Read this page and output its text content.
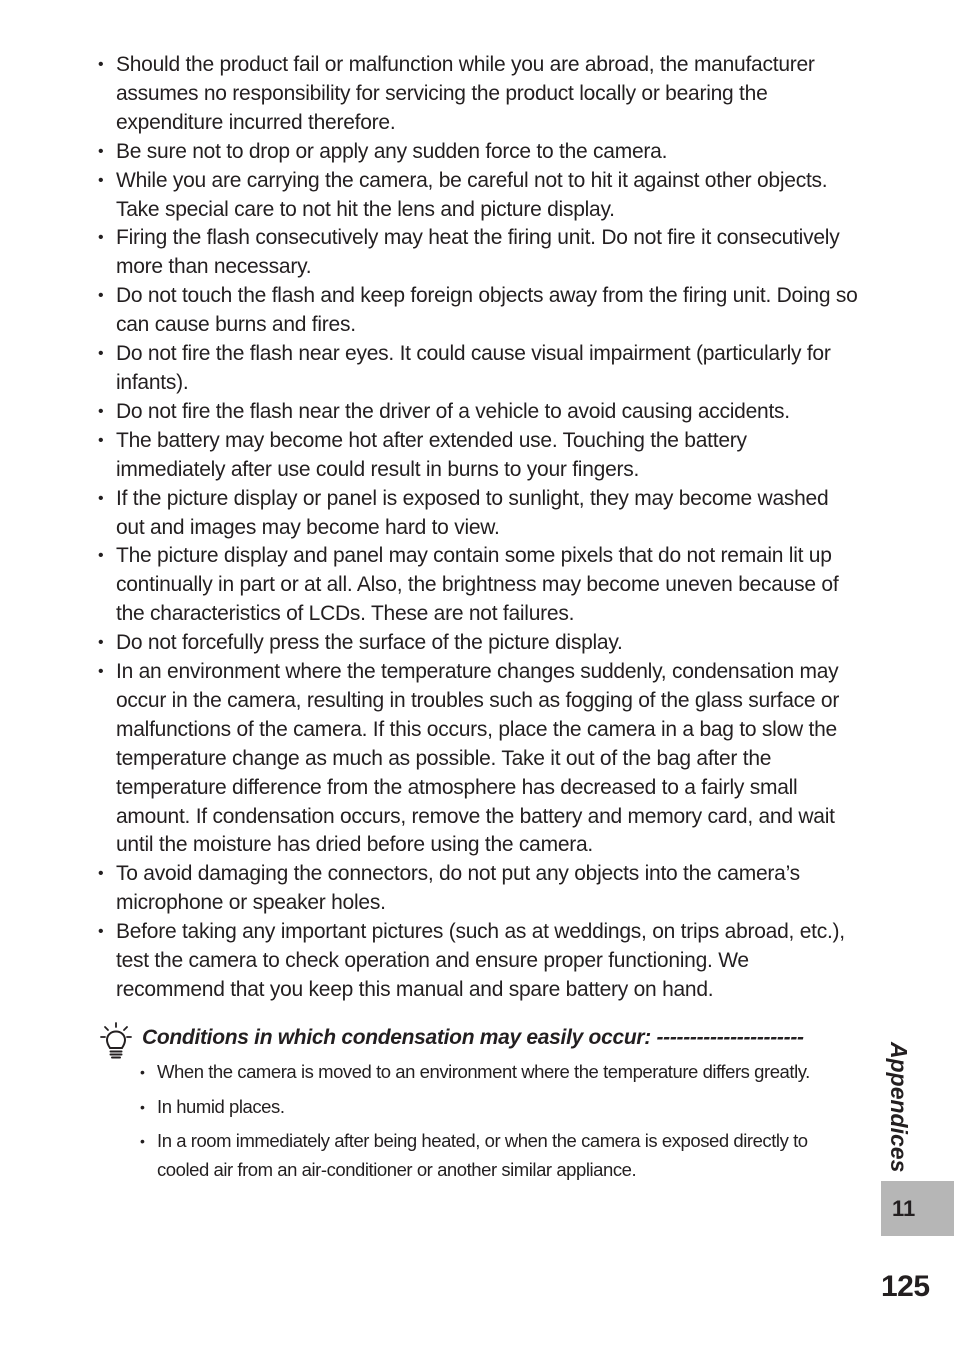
• Should the product fail or malfunction while you are abroad, the manufacturer assumes no responsibility for servicing the product locally or bearing the expenditure incurred therefore.
• Be sure not to drop or apply any sudden force to the camera.
• While you are carrying the camera, be careful not to hit it against other objects. Take special care to not hit the lens and picture display.
• Firing the flash consecutively may heat the firing unit. Do not fire it consecutively more than necessary.
• Do not touch the flash and keep foreign objects away from the firing unit. Doing so can cause burns and fires.
• Do not fire the flash near eyes. It could cause visual impairment (particularly for infants).
• Do not fire the flash near the driver of a vehicle to avoid causing accidents.
• The battery may become hot after extended use. Touching the battery immediately after use could result in burns to your fingers.
• If the picture display or panel is exposed to sunlight, they may become washed out and images may become hard to view.
• The picture display and panel may contain some pixels that do not remain lit up continually in part or at all. Also, the brightness may become uneven because of the characteristics of LCDs. These are not failures.
• Do not forcefully press the surface of the picture display.
• In an environment where the temperature changes suddenly, condensation may occur in the camera, resulting in troubles such as fogging of the glass surface or malfunctions of the camera. If this occurs, place the camera in a bag to slow the temperature change as much as possible. Take it out of the bag after the temperature difference from the atmosphere has decreased to a fairly small amount. If condensation occurs, remove the battery and memory card, and wait until the moisture has dried before using the camera.
• To avoid damaging the connectors, do not put any objects into the camera’s microphone or speaker holes.
• Before taking any important pictures (such as at weddings, on trips abroad, etc.), test the camera to check operation and ensure proper functioning. We recommend that you keep this manual and spare battery on hand.
Conditions in which condensation may easily occur: ----------------------
• When the camera is moved to an environment where the temperature differs greatly.
• In humid places.
• In a room immediately after being heated, or when the camera is exposed directly to cooled air from an air-conditioner or another similar appliance.	Appendices
11
125
